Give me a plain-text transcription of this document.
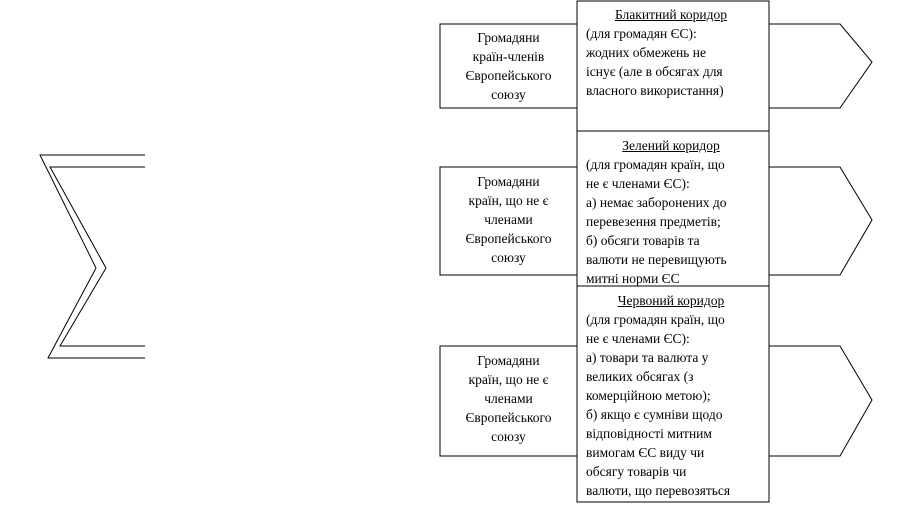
Громадяни
країн-членів
Європейського
союзу
Громадяни
країн, що не є
членами
Європейського
союзу
Громадяни
країн, що не є
членами
Європейського
союзу
Блакитний коридор
(для громадян ЄС):
жодних обмежень не
існує (але в обсягах для
власного використання)
Зелений коридор
(для громадян країн, що
не є членами ЄС):
а) немає заборонених до
перевезення предметів;
б) обсяги товарів та
валюти не перевищують
митні норми ЄС
Червоний коридор
(для громадян країн, що
не є членами ЄС):
а) товари та валюта у
великих обсягах (з
комерційною метою);
б) якщо є сумніви щодо
відповідності митним
вимогам ЄС виду чи
обсягу товарів чи
валюти, що перевозяться
